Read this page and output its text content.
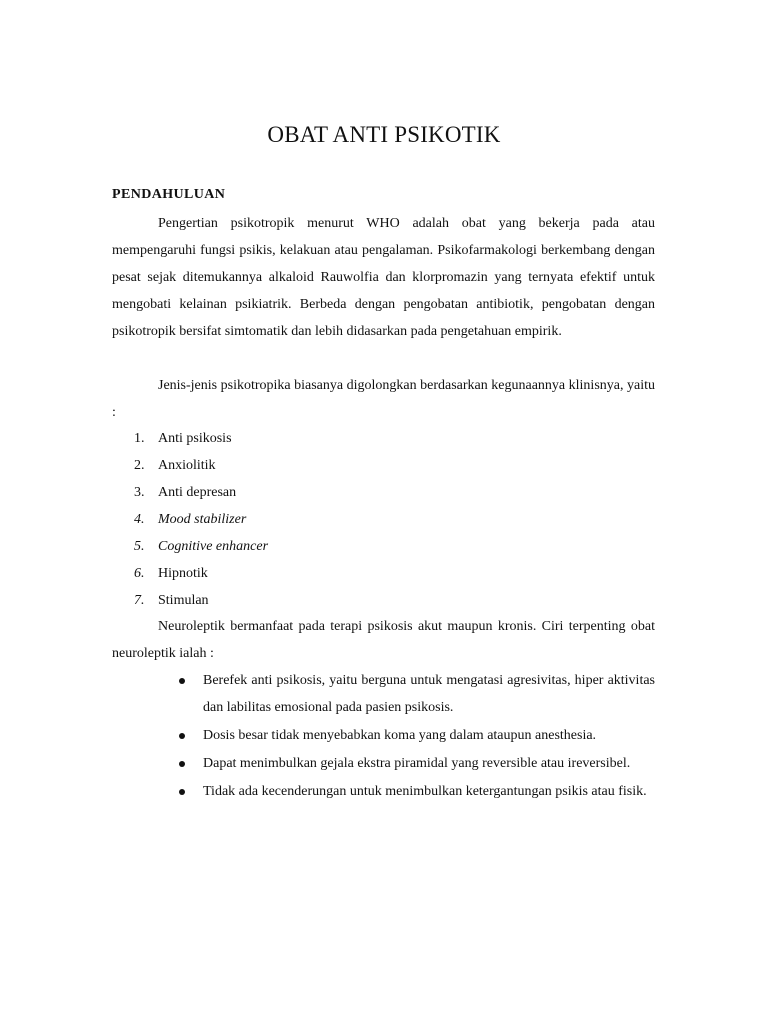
OBAT ANTI PSIKOTIK
PENDAHULUAN

Pengertian psikotropik menurut WHO adalah obat yang bekerja pada atau mempengaruhi fungsi psikis, kelakuan atau pengalaman. Psikofarmakologi berkembang dengan pesat sejak ditemukannya alkaloid Rauwolfia dan klorpromazin yang ternyata efektif untuk mengobati kelainan psikiatrik. Berbeda dengan pengobatan antibiotik, pengobatan dengan psikotropik bersifat simtomatik dan lebih didasarkan pada pengetahuan empirik.

Jenis-jenis psikotropika biasanya digolongkan berdasarkan kegunaannya klinisnya, yaitu :

1. Anti psikosis
2. Anxiolitik
3. Anti depresan
4. Mood stabilizer
5. Cognitive enhancer
6. Hipnotik
7. Stimulan

Neuroleptik bermanfaat pada terapi psikosis akut maupun kronis. Ciri terpenting obat neuroleptik ialah :

Berefek anti psikosis, yaitu berguna untuk mengatasi agresivitas, hiper aktivitas dan labilitas emosional pada pasien psikosis.
Dosis besar tidak menyebabkan koma yang dalam ataupun anesthesia.
Dapat menimbulkan gejala ekstra piramidal yang reversible atau ireversibel.
Tidak ada kecenderungan untuk menimbulkan ketergantungan psikis atau fisik.
